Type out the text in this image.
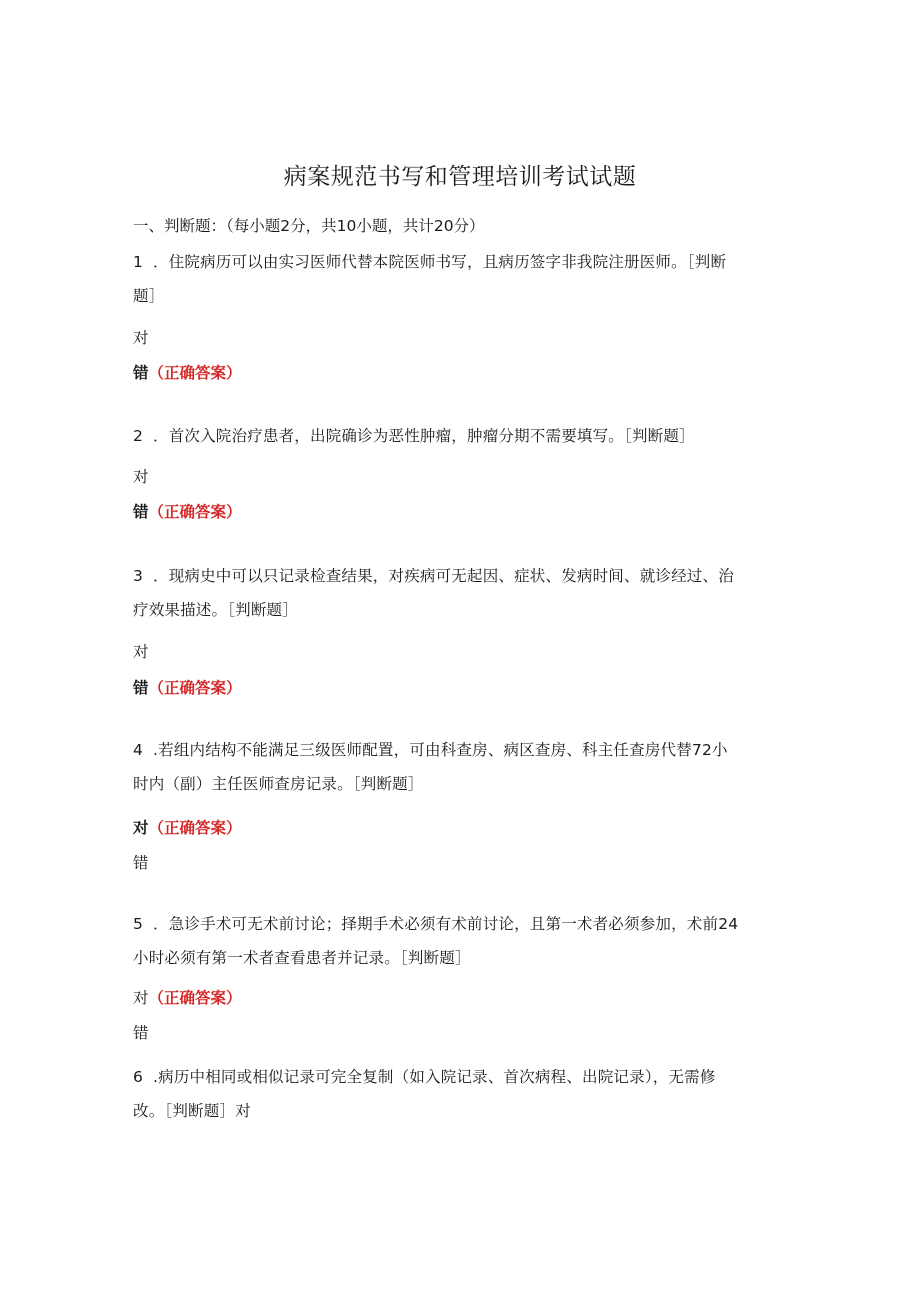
病案规范书写和管理培训考试试题
一、判断题：（每小题2分，共10小题，共计20分）
1 ．住院病历可以由实习医师代替本院医师书写，且病历签字非我院注册医师。［判断
题］
对
错（正确答案）
2 ．首次入院治疗患者，出院确诊为恶性肿瘤，肿瘤分期不需要填写。［判断题］
对
错（正确答案）
3 ．现病史中可以只记录检查结果，对疾病可无起因、症状、发病时间、就诊经过、治
疗效果描述。［判断题］
对
错（正确答案）
4 .若组内结构不能满足三级医师配置，可由科查房、病区查房、科主任查房代替72小
时内（副）主任医师查房记录。［判断题］
对（正确答案）
错
5 ．急诊手术可无术前讨论；择期手术必须有术前讨论，且第一术者必须参加，术前24
小时必须有第一术者查看患者并记录。［判断题］
对（正确答案）
错
6 .病历中相同或相似记录可完全复制（如入院记录、首次病程、出院记录），无需修
改。［判断题］对
